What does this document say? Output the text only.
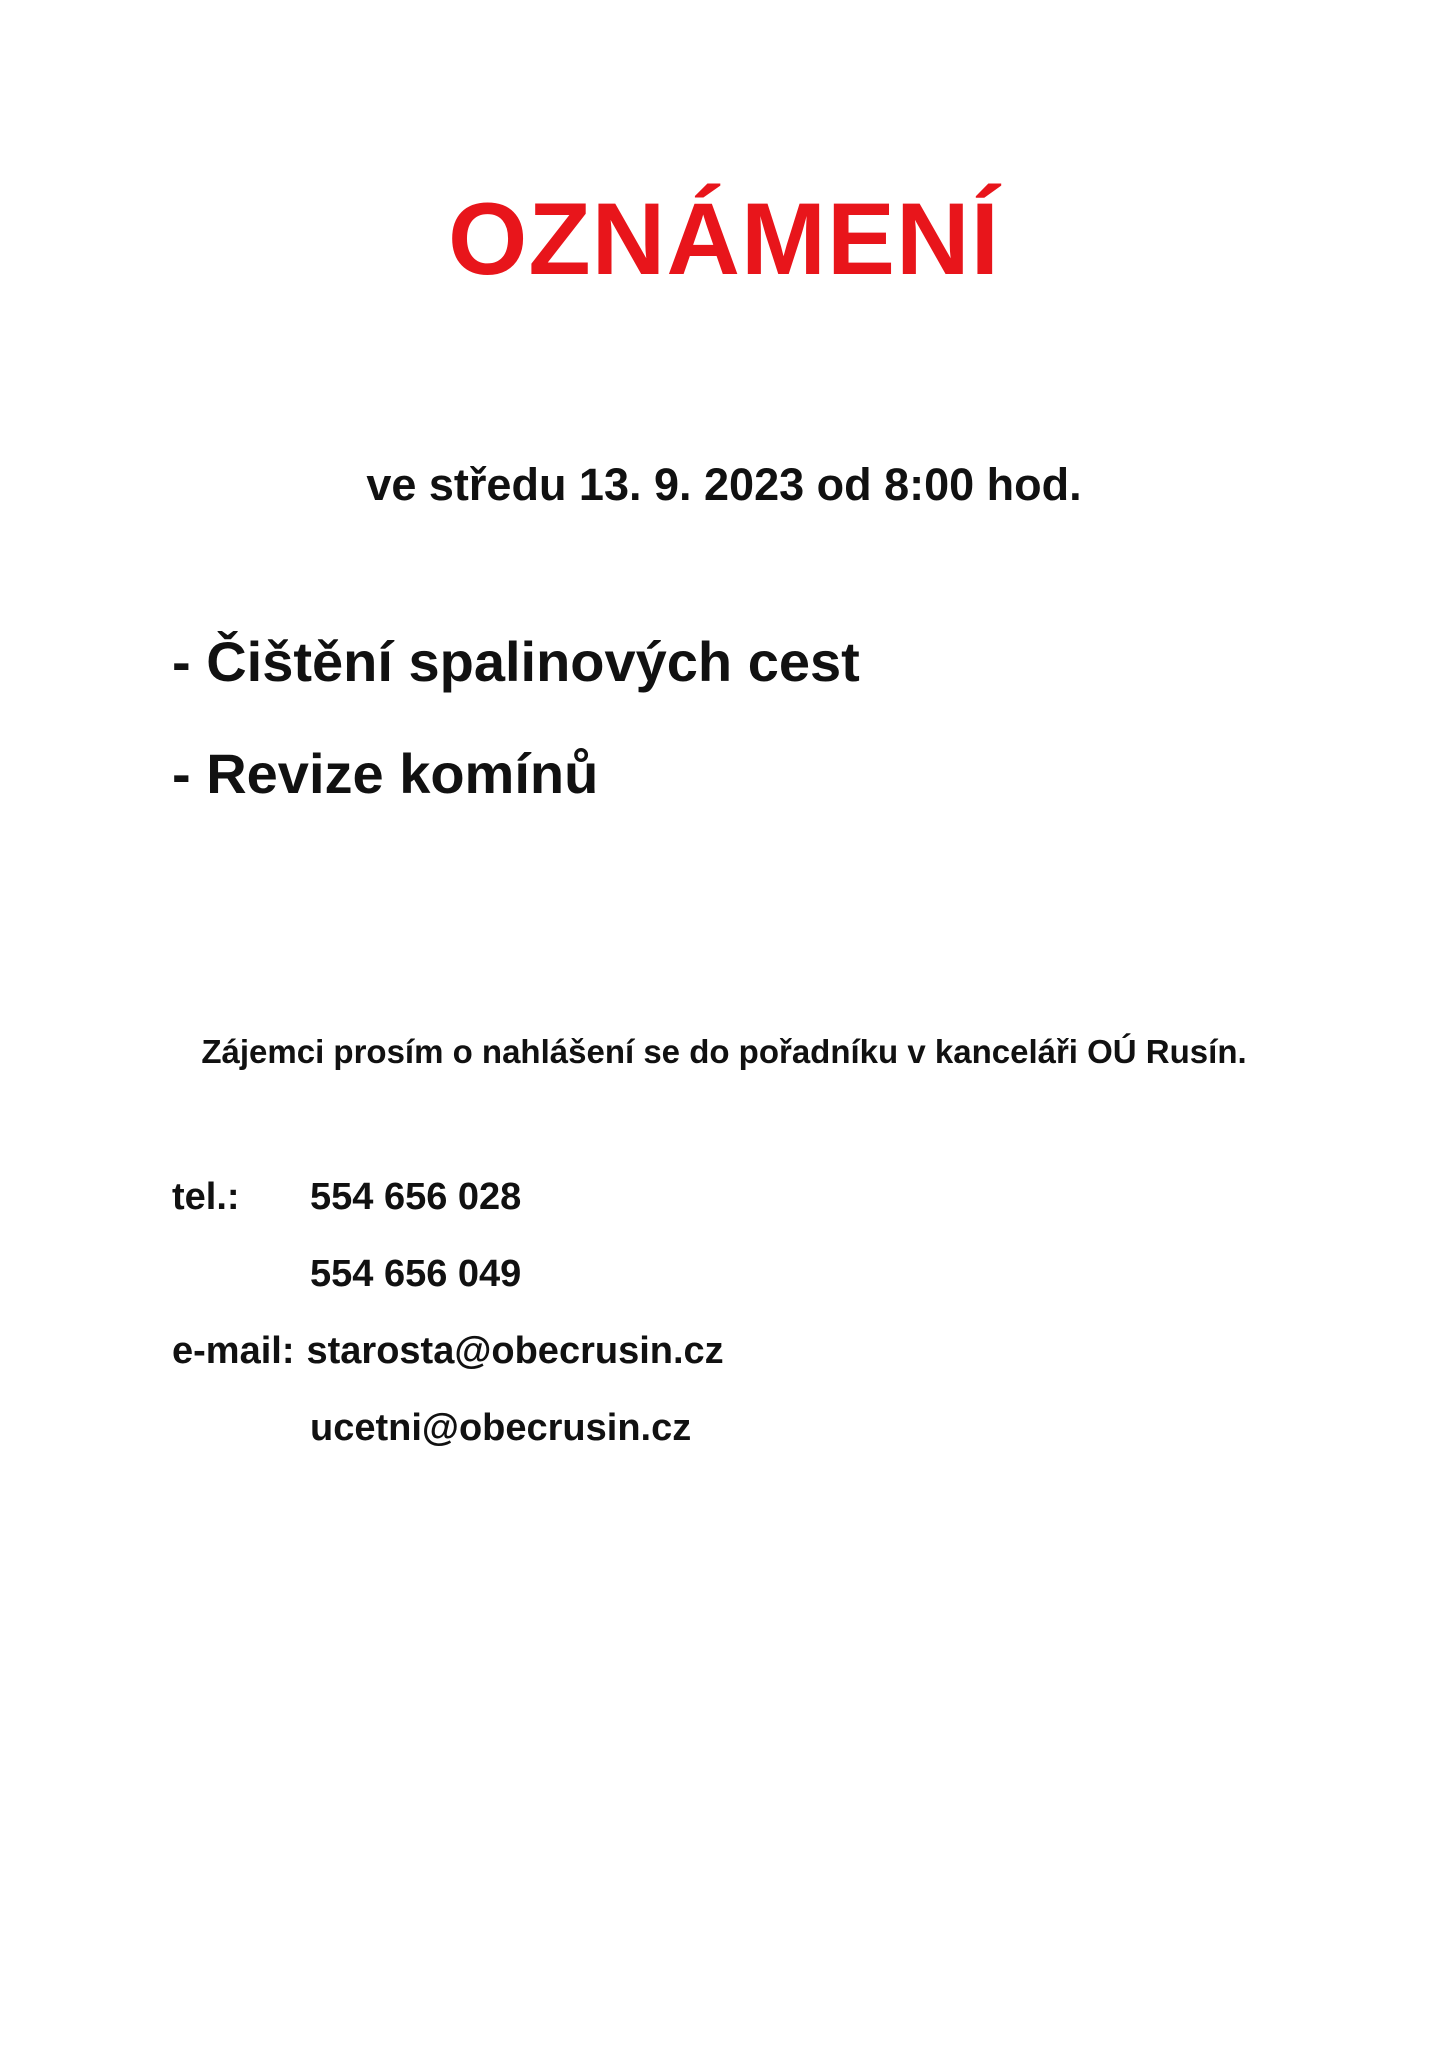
OZNÁMENÍ
ve středu 13. 9. 2023 od 8:00 hod.
- Čištění spalinových cest
- Revize komínů
Zájemci prosím o nahlášení se do pořadníku v kanceláři OÚ Rusín.
tel.: 554 656 028
554 656 049
e-mail: starosta@obecrusin.cz
ucetni@obecrusin.cz
